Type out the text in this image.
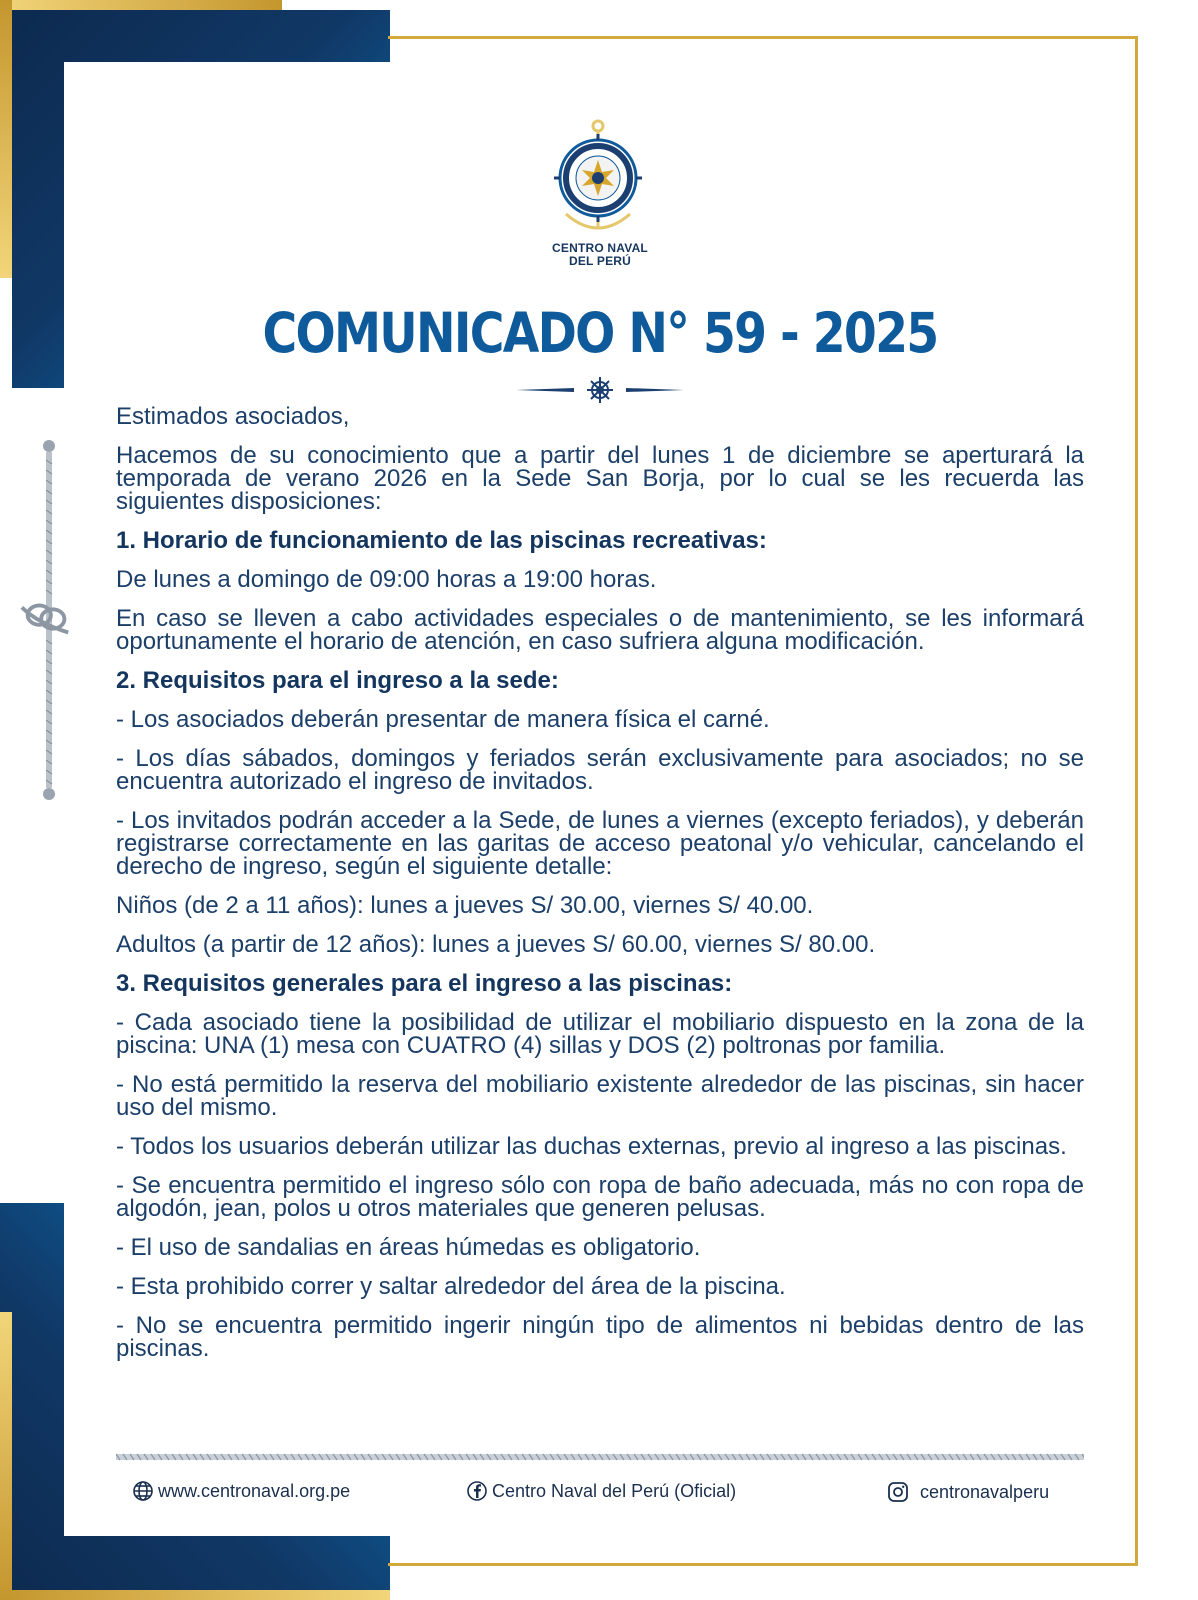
CENTRO NAVAL
DEL PERÚ
COMUNICADO N° 59 - 2025

Estimados asociados,

Hacemos de su conocimiento que a partir del lunes 1 de diciembre se aperturará la temporada de verano 2026 en la Sede San Borja, por lo cual se les recuerda las siguientes disposiciones:

1. Horario de funcionamiento de las piscinas recreativas:

De lunes a domingo de 09:00 horas a 19:00 horas.

En caso se lleven a cabo actividades especiales o de mantenimiento, se les informará oportunamente el horario de atención, en caso sufriera alguna modificación.

2. Requisitos para el ingreso a la sede:

- Los asociados deberán presentar de manera física el carné.

- Los días sábados, domingos y feriados serán exclusivamente para asociados; no se encuentra autorizado el ingreso de invitados.

- Los invitados podrán acceder a la Sede, de lunes a viernes (excepto feriados), y deberán registrarse correctamente en las garitas de acceso peatonal y/o vehicular, cancelando el derecho de ingreso, según el siguiente detalle:

Niños (de 2 a 11 años): lunes a jueves S/ 30.00, viernes S/ 40.00.

Adultos (a partir de 12 años): lunes a jueves S/ 60.00, viernes S/ 80.00.

3. Requisitos generales para el ingreso a las piscinas:

- Cada asociado tiene la posibilidad de utilizar el mobiliario dispuesto en la zona de la piscina: UNA (1) mesa con CUATRO (4) sillas y DOS (2) poltronas por familia.

- No está permitido la reserva del mobiliario existente alrededor de las piscinas, sin hacer uso del mismo.

- Todos los usuarios deberán utilizar las duchas externas, previo al ingreso a las piscinas.

- Se encuentra permitido el ingreso sólo con ropa de baño adecuada, más no con ropa de algodón, jean, polos u otros materiales que generen pelusas.

- El uso de sandalias en áreas húmedas es obligatorio.

- Esta prohibido correr y saltar alrededor del área de la piscina.

- No se encuentra permitido ingerir ningún tipo de alimentos ni bebidas dentro de las piscinas.

www.centronaval.org.pe	Centro Naval del Perú (Oficial)	centronavalperu
